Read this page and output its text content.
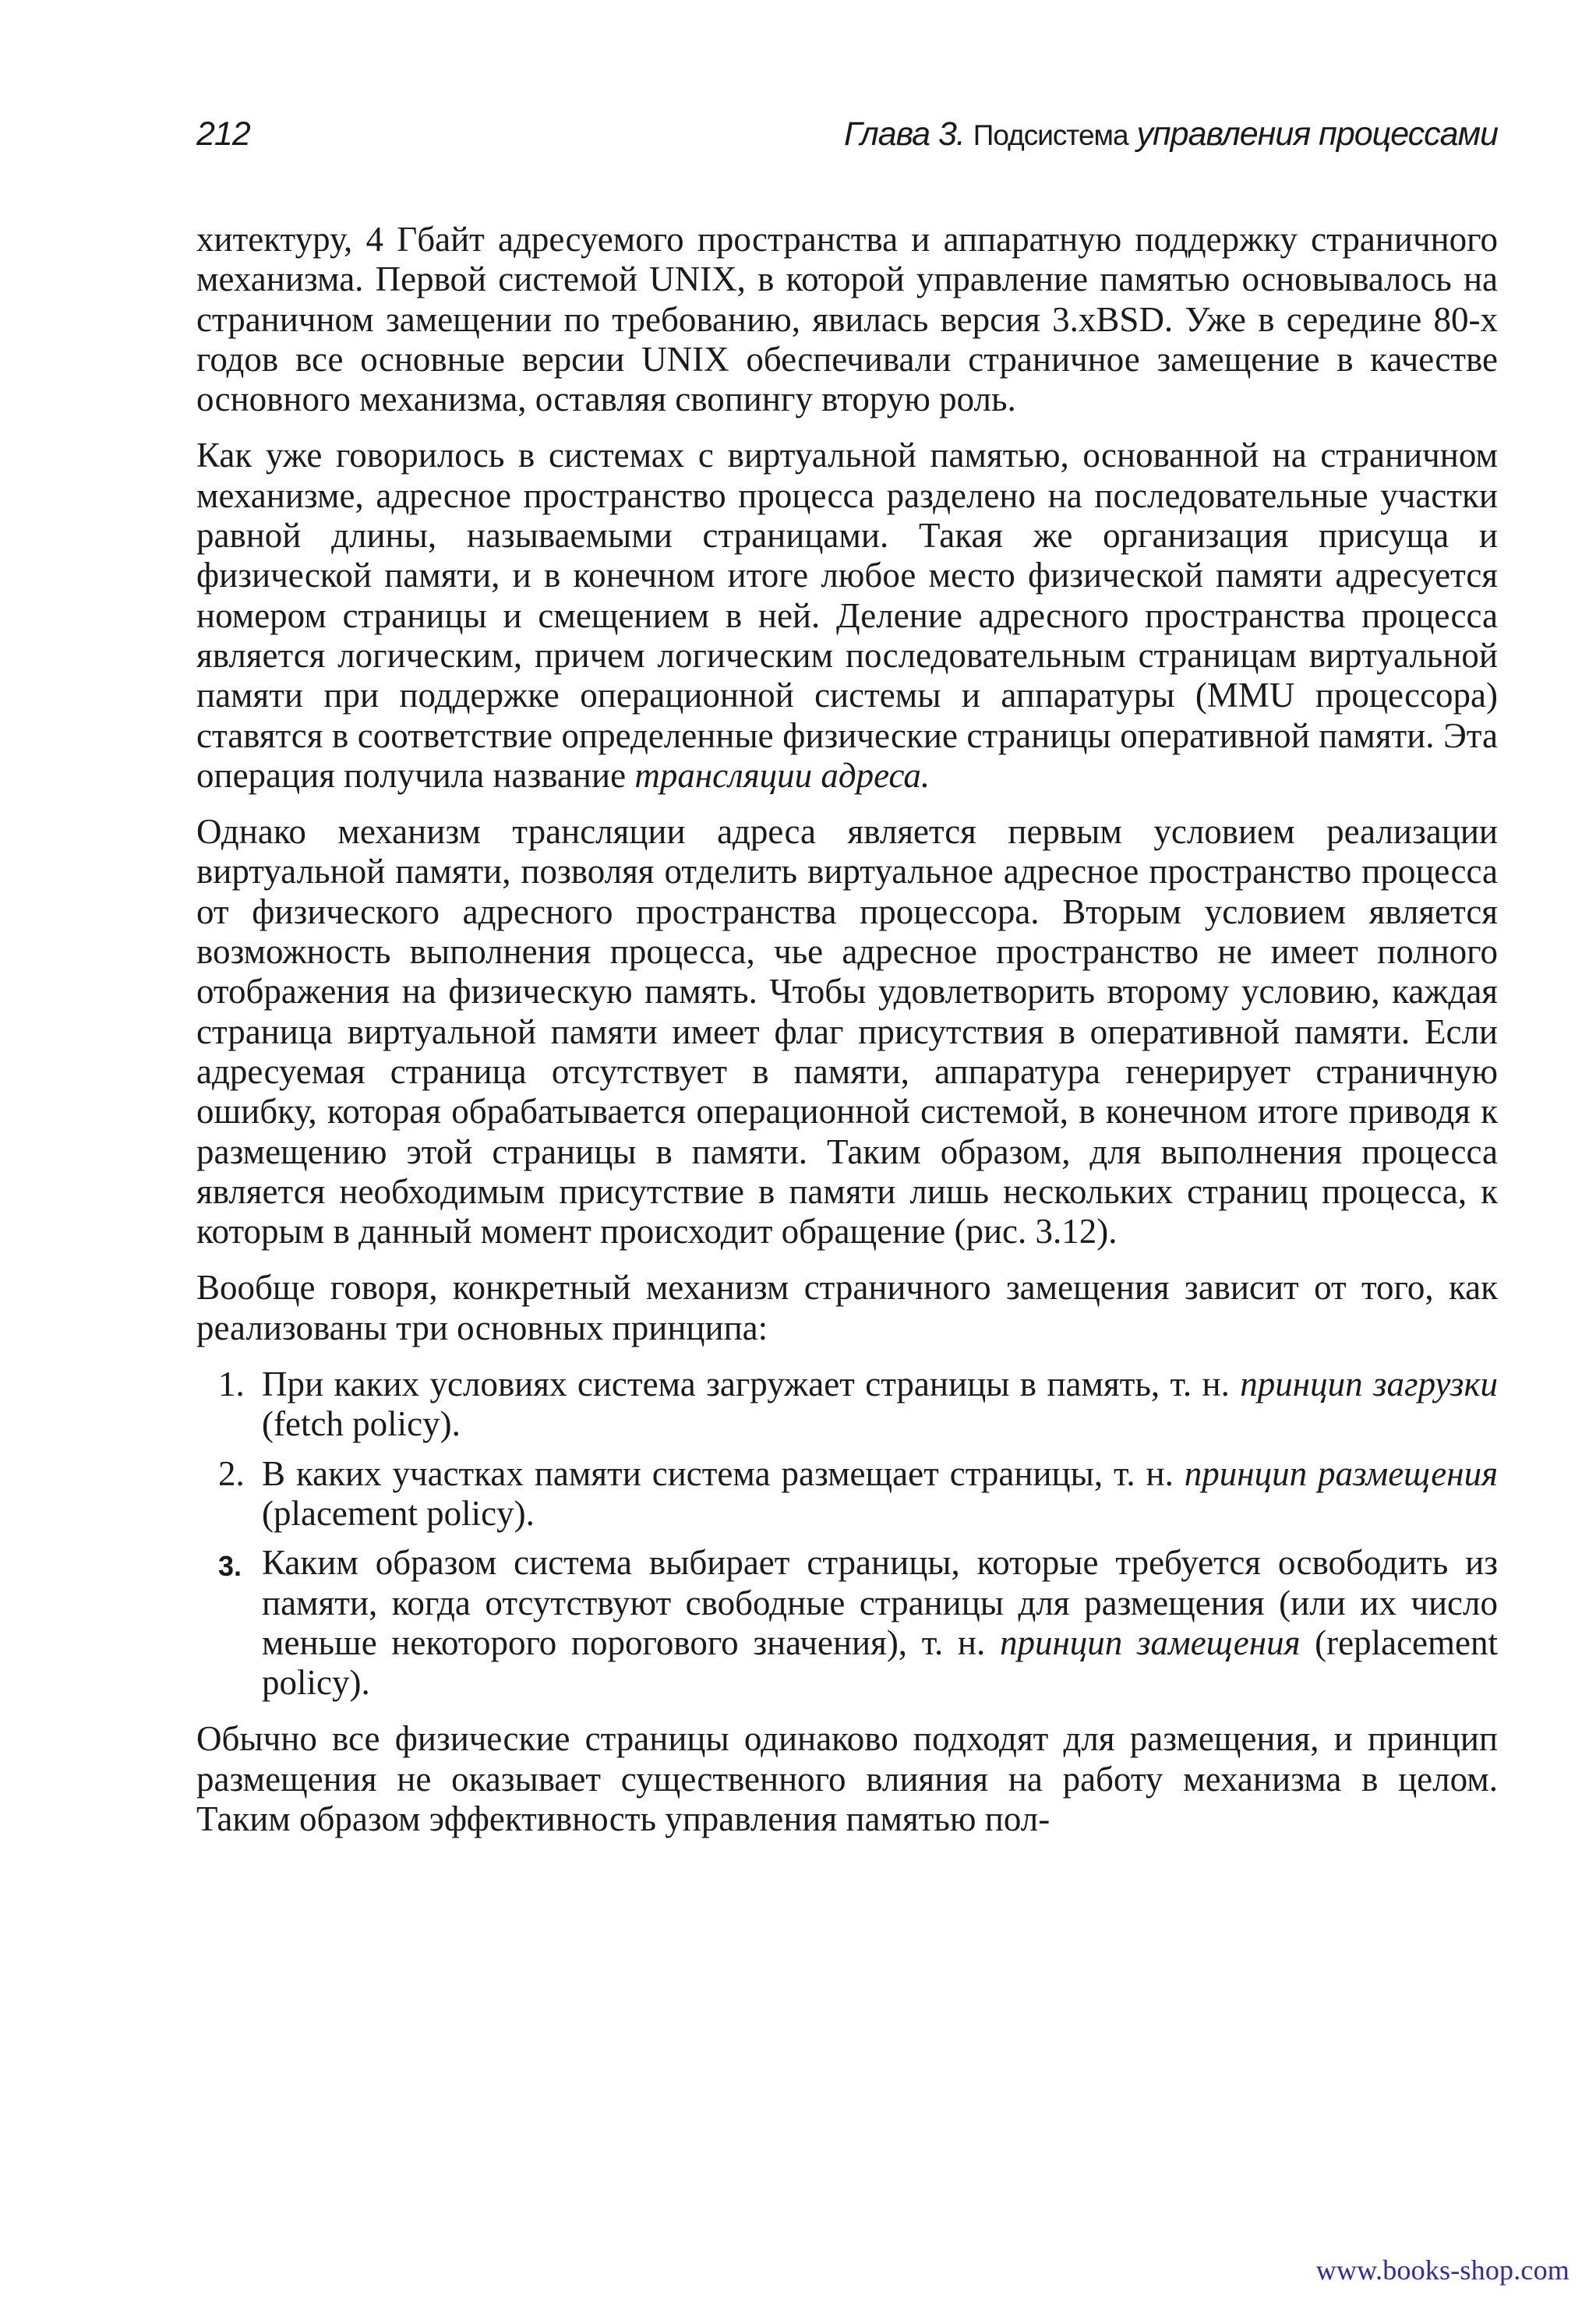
212	Глава 3. Подсистема управления процессами

хитектуру, 4 Гбайт адресуемого пространства и аппаратную поддержку страничного механизма. Первой системой UNIX, в которой управление памятью основывалось на страничном замещении по требованию, явилась версия 3.xBSD. Уже в середине 80-х годов все основные версии UNIX обеспечивали страничное замещение в качестве основного механизма, оставляя свопингу вторую роль.

Как уже говорилось в системах с виртуальной памятью, основанной на страничном механизме, адресное пространство процесса разделено на последовательные участки равной длины, называемыми страницами. Такая же организация присуща и физической памяти, и в конечном итоге любое место физической памяти адресуется номером страницы и смещением в ней. Деление адресного пространства процесса является логическим, причем логическим последовательным страницам виртуальной памяти при поддержке операционной системы и аппаратуры (MMU процессора) ставятся в соответствие определенные физические страницы оперативной памяти. Эта операция получила название трансляции адреса.

Однако механизм трансляции адреса является первым условием реализации виртуальной памяти, позволяя отделить виртуальное адресное пространство процесса от физического адресного пространства процессора. Вторым условием является возможность выполнения процесса, чье адресное пространство не имеет полного отображения на физическую память. Чтобы удовлетворить второму условию, каждая страница виртуальной памяти имеет флаг присутствия в оперативной памяти. Если адресуемая страница отсутствует в памяти, аппаратура генерирует страничную ошибку, которая обрабатывается операционной системой, в конечном итоге приводя к размещению этой страницы в памяти. Таким образом, для выполнения процесса является необходимым присутствие в памяти лишь нескольких страниц процесса, к которым в данный момент происходит обращение (рис. 3.12).

Вообще говоря, конкретный механизм страничного замещения зависит от того, как реализованы три основных принципа:

1. При каких условиях система загружает страницы в память, т. н. принцип загрузки (fetch policy).
2. В каких участках памяти система размещает страницы, т. н. принцип размещения (placement policy).
3. Каким образом система выбирает страницы, которые требуется освободить из памяти, когда отсутствуют свободные страницы для размещения (или их число меньше некоторого порогового значения), т. н. принцип замещения (replacement policy).

Обычно все физические страницы одинаково подходят для размещения, и принцип размещения не оказывает существенного влияния на работу механизма в целом. Таким образом эффективность управления памятью пол-

www.books-shop.com
